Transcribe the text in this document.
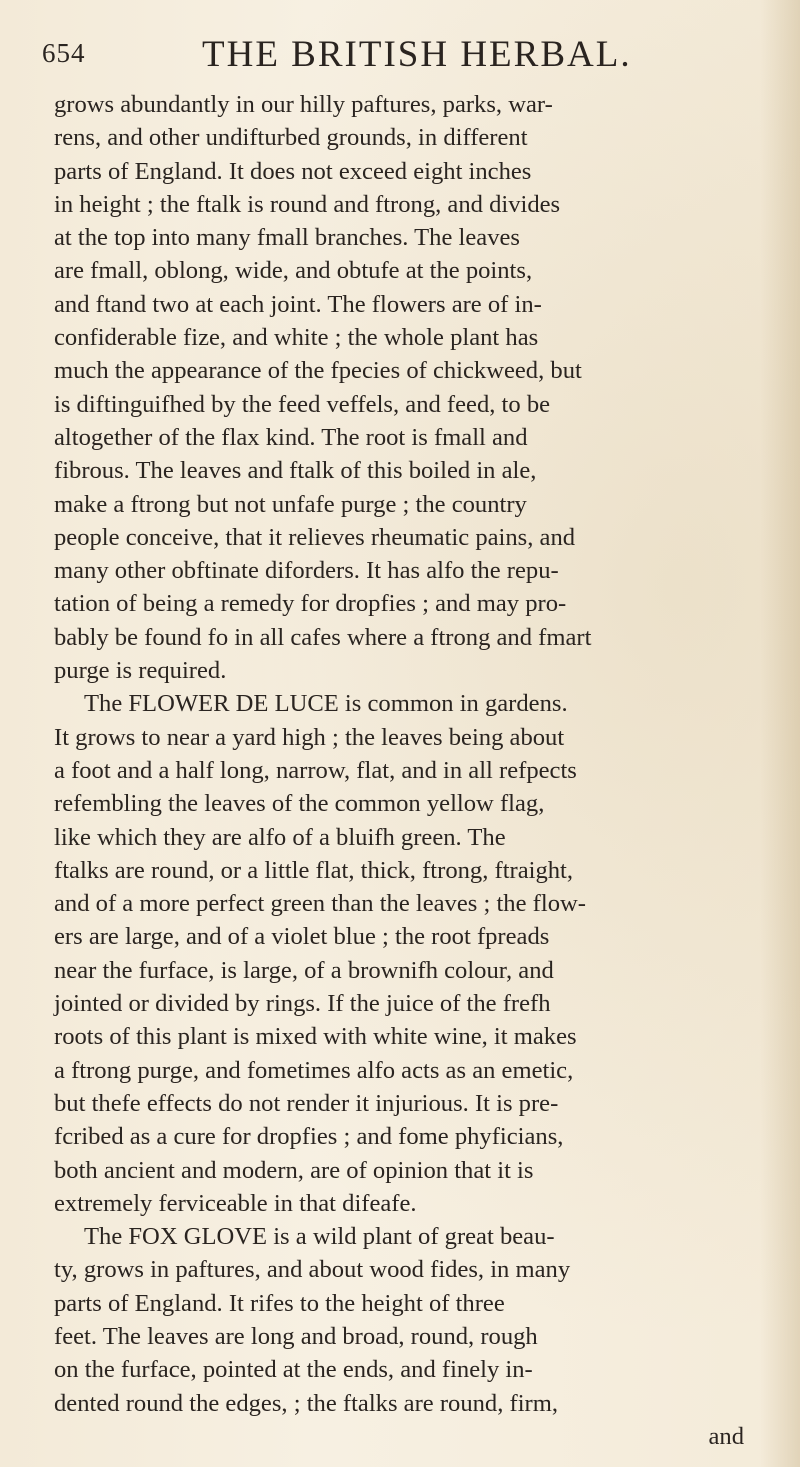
654	THE BRITISH HERBAL.
grows abundantly in our hilly paftures, parks, war-
rens, and other undifturbed grounds, in different
parts of England. It does not exceed eight inches
in height ; the ftalk is round and ftrong, and divides
at the top into many fmall branches. The leaves
are fmall, oblong, wide, and obtufe at the points,
and ftand two at each joint. The flowers are of in-
confiderable fize, and white ; the whole plant has
much the appearance of the fpecies of chickweed, but
is diftinguifhed by the feed veffels, and feed, to be
altogether of the flax kind. The root is fmall and
fibrous. The leaves and ftalk of this boiled in ale,
make a ftrong but not unfafe purge ; the country
people conceive, that it relieves rheumatic pains, and
many other obftinate diforders. It has alfo the repu-
tation of being a remedy for dropfies ; and may pro-
bably be found fo in all cafes where a ftrong and fmart
purge is required.
The FLOWER DE LUCE is common in gardens.
It grows to near a yard high ; the leaves being about
a foot and a half long, narrow, flat, and in all refpects
refembling the leaves of the common yellow flag,
like which they are alfo of a bluifh green. The
ftalks are round, or a little flat, thick, ftrong, ftraight,
and of a more perfect green than the leaves ; the flow-
ers are large, and of a violet blue ; the root fpreads
near the furface, is large, of a brownifh colour, and
jointed or divided by rings. If the juice of the frefh
roots of this plant is mixed with white wine, it makes
a ftrong purge, and fometimes alfo acts as an emetic,
but thefe effects do not render it injurious. It is pre-
fcribed as a cure for dropfies ; and fome phyficians,
both ancient and modern, are of opinion that it is
extremely ferviceable in that difeafe.
The FOX GLOVE is a wild plant of great beau-
ty, grows in paftures, and about wood fides, in many
parts of England. It rifes to the height of three
feet. The leaves are long and broad, round, rough
on the furface, pointed at the ends, and finely in-
dented round the edges, ; the ftalks are round, firm,
and
